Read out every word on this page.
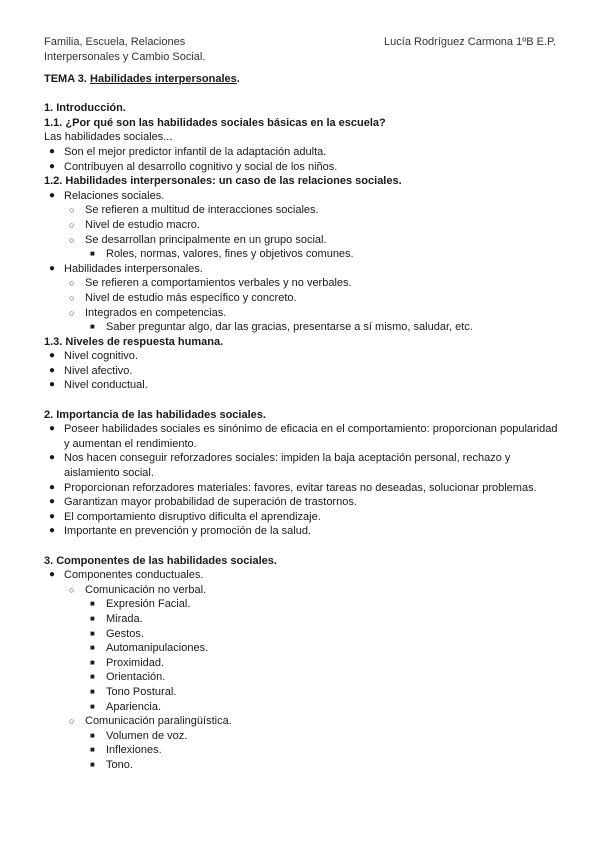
Familia, Escuela, Relaciones
Interpersonales y Cambio Social.
Lucía Rodríguez Carmona 1ºB E.P.
TEMA 3. Habilidades interpersonales.
1. Introducción.
1.1. ¿Por qué son las habilidades sociales básicas en la escuela?
Las habilidades sociales...
● Son el mejor predictor infantil de la adaptación adulta.
● Contribuyen al desarrollo cognitivo y social de los niños.
1.2. Habilidades interpersonales: un caso de las relaciones sociales.
● Relaciones sociales.
○ Se refieren a multitud de interacciones sociales.
○ Nivel de estudio macro.
○ Se desarrollan principalmente en un grupo social.
■ Roles, normas, valores, fines y objetivos comunes.
● Habilidades interpersonales.
○ Se refieren a comportamientos verbales y no verbales.
○ Nivel de estudio más específico y concreto.
○ Integrados en competencias.
■ Saber preguntar algo, dar las gracias, presentarse a sí mismo, saludar, etc.
1.3. Niveles de respuesta humana.
● Nivel cognitivo.
● Nivel afectivo.
● Nivel conductual.
2. Importancia de las habilidades sociales.
● Poseer habilidades sociales es sinónimo de eficacia en el comportamiento: proporcionan popularidad y aumentan el rendimiento.
● Nos hacen conseguir reforzadores sociales: impiden la baja aceptación personal, rechazo y aislamiento social.
● Proporcionan reforzadores materiales: favores, evitar tareas no deseadas, solucionar problemas.
● Garantizan mayor probabilidad de superación de trastornos.
● El comportamiento disruptivo dificulta el aprendizaje.
● Importante en prevención y promoción de la salud.
3. Componentes de las habilidades sociales.
● Componentes conductuales.
○ Comunicación no verbal.
■ Expresión Facial.
■ Mirada.
■ Gestos.
■ Automanipulaciones.
■ Proximidad.
■ Orientación.
■ Tono Postural.
■ Apariencia.
○ Comunicación paralingüística.
■ Volumen de voz.
■ Inflexiones.
■ Tono.
